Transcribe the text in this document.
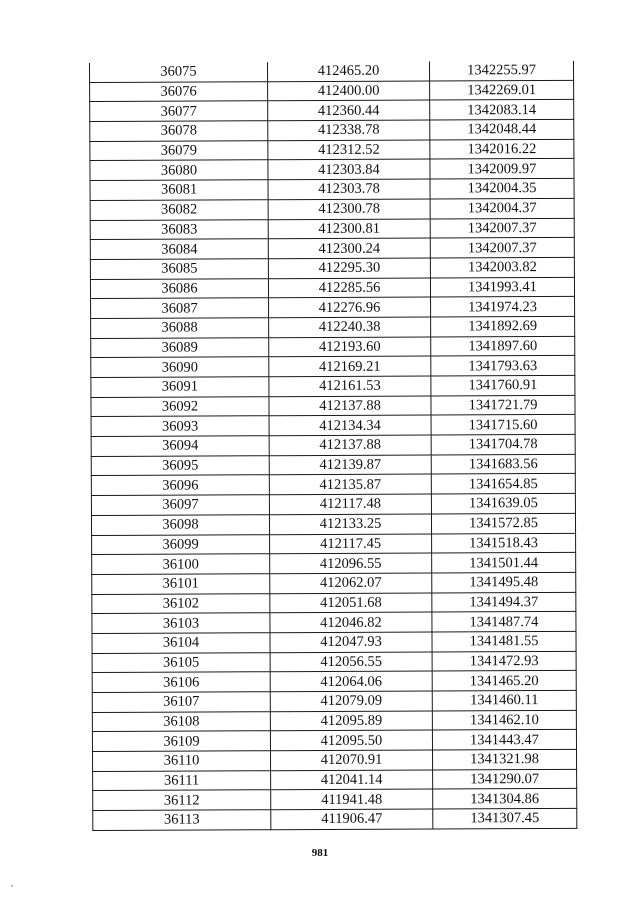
36075	412465.20	1342255.97
36076	412400.00	1342269.01
36077	412360.44	1342083.14
36078	412338.78	1342048.44
36079	412312.52	1342016.22
36080	412303.84	1342009.97
36081	412303.78	1342004.35
36082	412300.78	1342004.37
36083	412300.81	1342007.37
36084	412300.24	1342007.37
36085	412295.30	1342003.82
36086	412285.56	1341993.41
36087	412276.96	1341974.23
36088	412240.38	1341892.69
36089	412193.60	1341897.60
36090	412169.21	1341793.63
36091	412161.53	1341760.91
36092	412137.88	1341721.79
36093	412134.34	1341715.60
36094	412137.88	1341704.78
36095	412139.87	1341683.56
36096	412135.87	1341654.85
36097	412117.48	1341639.05
36098	412133.25	1341572.85
36099	412117.45	1341518.43
36100	412096.55	1341501.44
36101	412062.07	1341495.48
36102	412051.68	1341494.37
36103	412046.82	1341487.74
36104	412047.93	1341481.55
36105	412056.55	1341472.93
36106	412064.06	1341465.20
36107	412079.09	1341460.11
36108	412095.89	1341462.10
36109	412095.50	1341443.47
36110	412070.91	1341321.98
36111	412041.14	1341290.07
36112	411941.48	1341304.86
36113	411906.47	1341307.45
981
